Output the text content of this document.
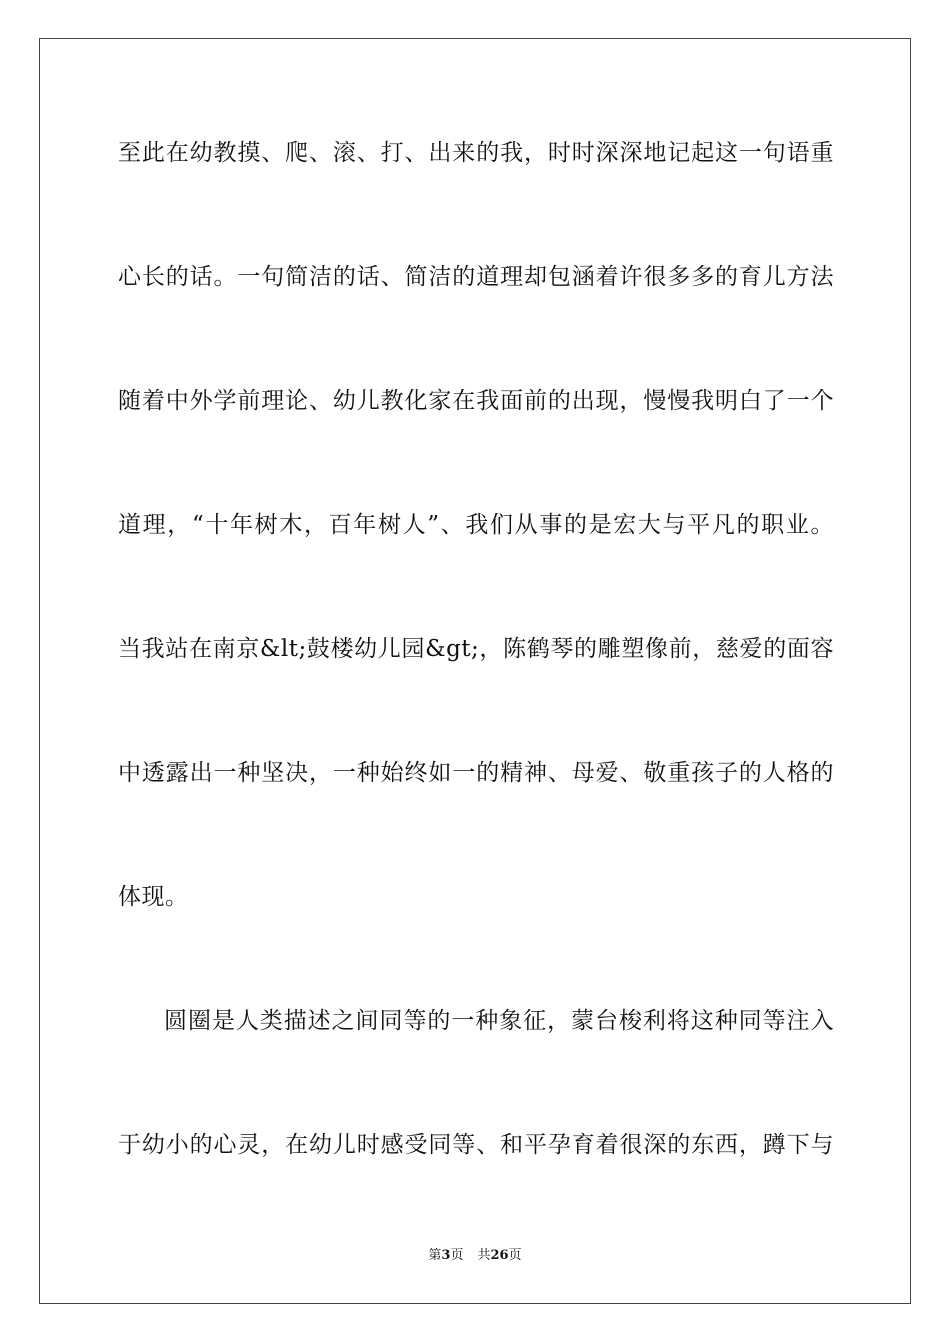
至此在幼教摸、爬、滚、打、出来的我，时时深深地记起这一句语重
心长的话。一句简洁的话、简洁的道理却包涵着许很多多的育儿方法
随着中外学前理论、幼儿教化家在我面前的出现，慢慢我明白了一个
道理，“十年树木，百年树人”、我们从事的是宏大与平凡的职业。
当我站在南京&lt;鼓楼幼儿园&gt;，陈鹤琴的雕塑像前，慈爱的面容
中透露出一种坚决，一种始终如一的精神、母爱、敬重孩子的人格的
体现。
圆圈是人类描述之间同等的一种象征，蒙台梭利将这种同等注入
于幼小的心灵，在幼儿时感受同等、和平孕育着很深的东西，蹲下与
第3页 共26页
